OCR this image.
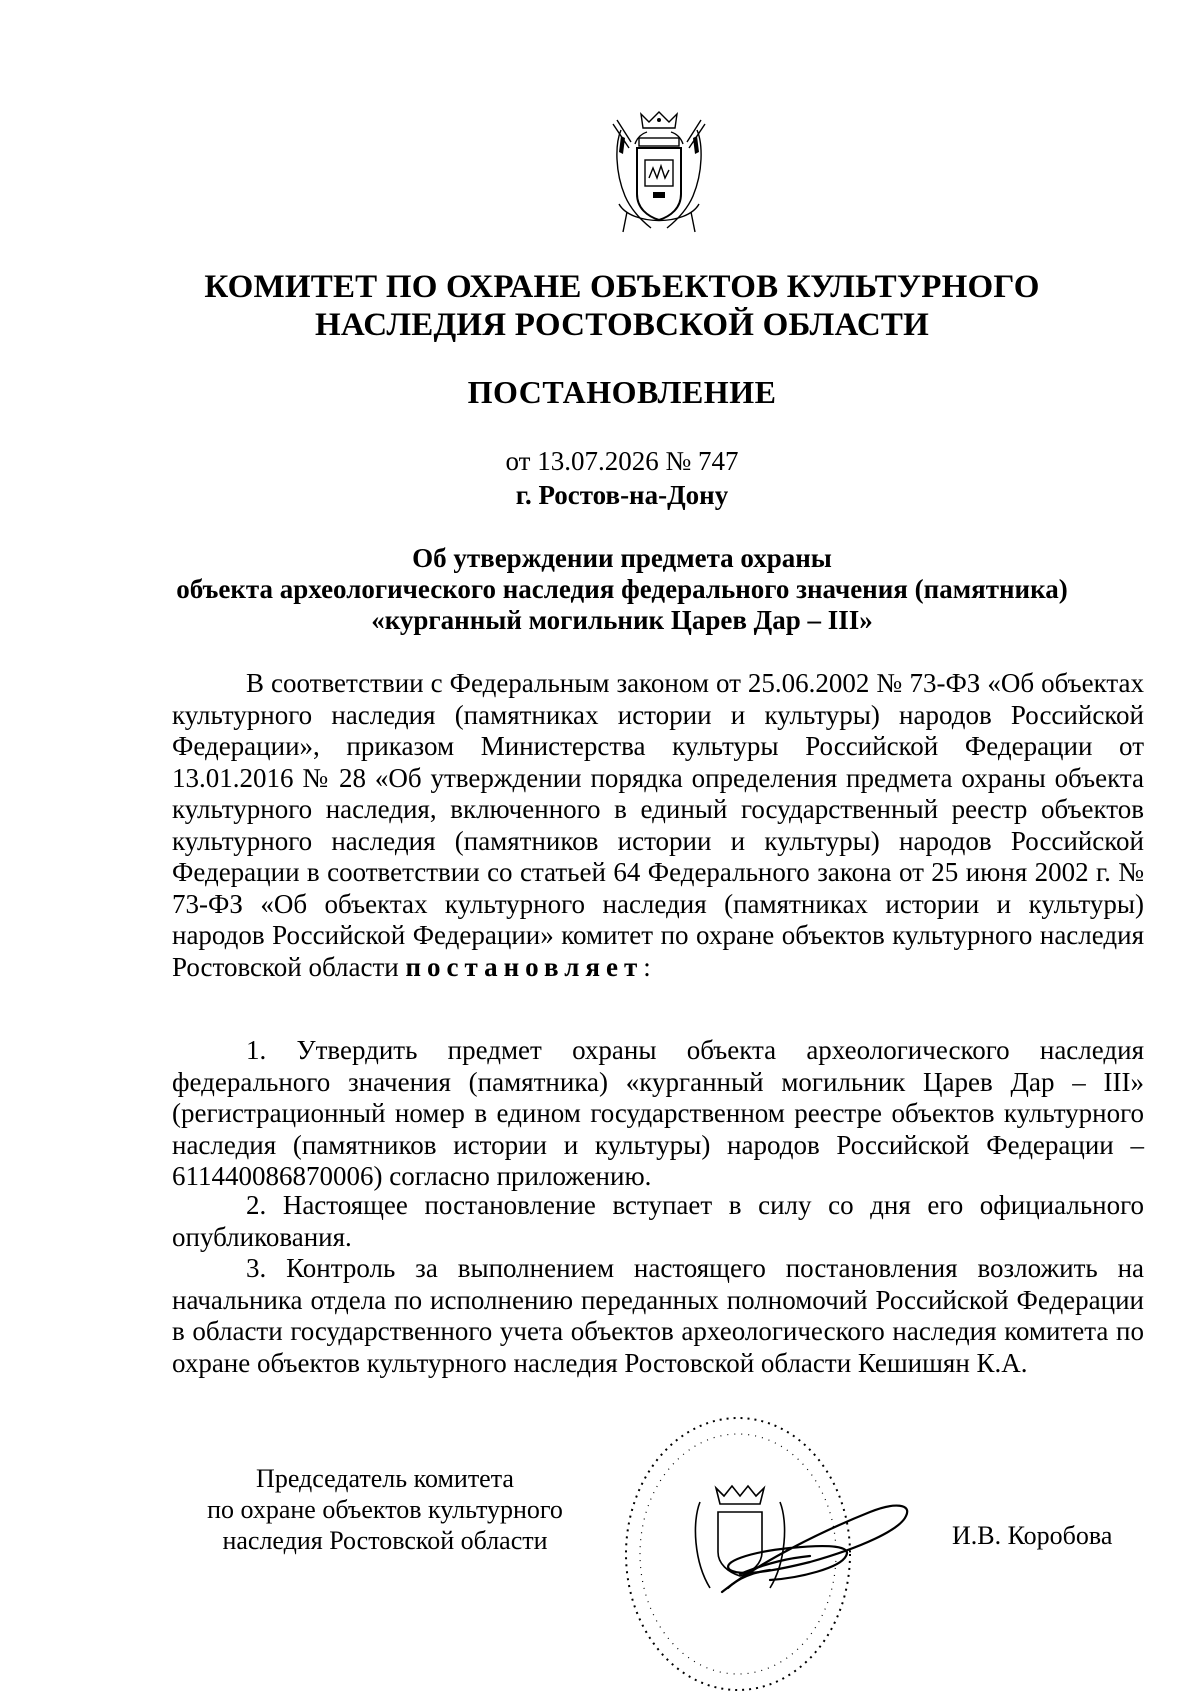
КОМИТЕТ ПО ОХРАНЕ ОБЪЕКТОВ КУЛЬТУРНОГО
НАСЛЕДИЯ РОСТОВСКОЙ ОБЛАСТИ
ПОСТАНОВЛЕНИЕ
от 13.07.2026 № 747
г. Ростов-на-Дону
Об утверждении предмета охраны
объекта археологического наследия федерального значения (памятника)
«курганный могильник Царев Дар – III»
В соответствии с Федеральным законом от 25.06.2002 № 73-ФЗ «Об объектах культурного наследия (памятниках истории и культуры) народов Российской Федерации», приказом Министерства культуры Российской Федерации от 13.01.2016 № 28 «Об утверждении порядка определения предмета охраны объекта культурного наследия, включенного в единый государственный реестр объектов культурного наследия (памятников истории и культуры) народов Российской Федерации в соответствии со статьей 64 Федерального закона от 25 июня 2002 г. № 73-ФЗ «Об объектах культурного наследия (памятниках истории и культуры) народов Российской Федерации» комитет по охране объектов культурного наследия Ростовской области постановляет:
1. Утвердить предмет охраны объекта археологического наследия федерального значения (памятника) «курганный могильник Царев Дар – III» (регистрационный номер в едином государственном реестре объектов культурного наследия (памятников истории и культуры) народов Российской Федерации – 611440086870006) согласно приложению.
2. Настоящее постановление вступает в силу со дня его официального опубликования.
3. Контроль за выполнением настоящего постановления возложить на начальника отдела по исполнению переданных полномочий Российской Федерации в области государственного учета объектов археологического наследия комитета по охране объектов культурного наследия Ростовской области Кешишян К.А.
Председатель комитета
по охране объектов культурного
наследия Ростовской области	И.В. Коробова
